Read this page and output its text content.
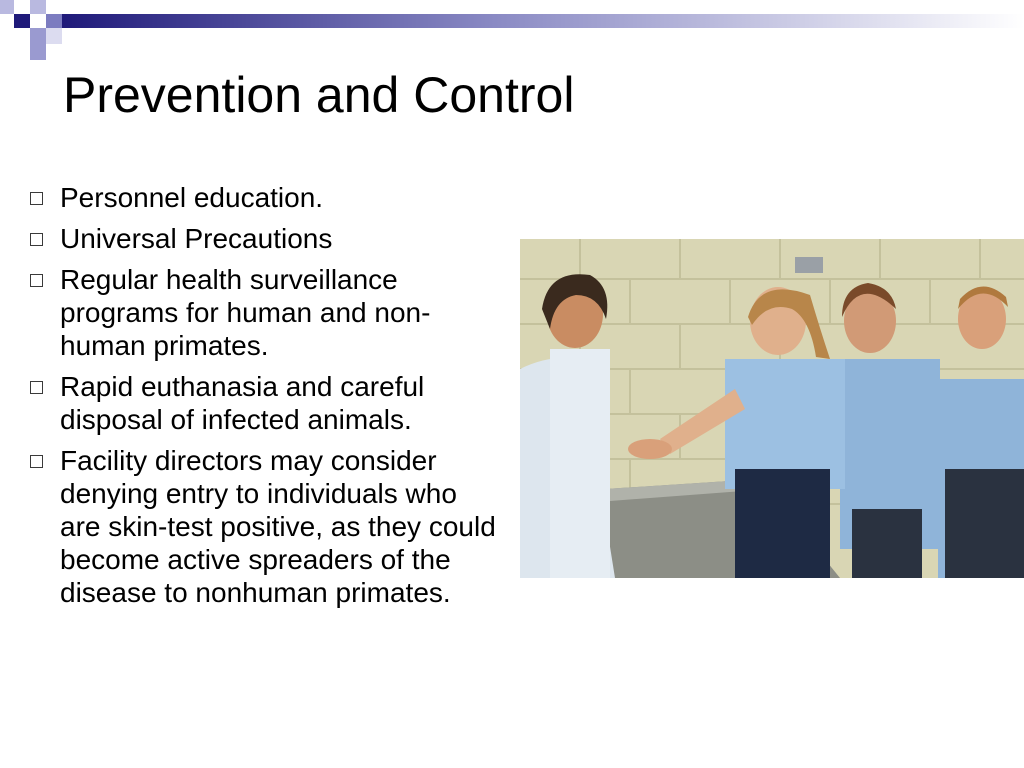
Prevention and Control
Personnel education.
Universal Precautions
Regular health surveillance programs for human and non-human primates.
Rapid euthanasia and careful disposal of infected animals.
Facility directors may consider denying entry to individuals who are skin-test positive, as they could become active spreaders of the disease to nonhuman primates.
